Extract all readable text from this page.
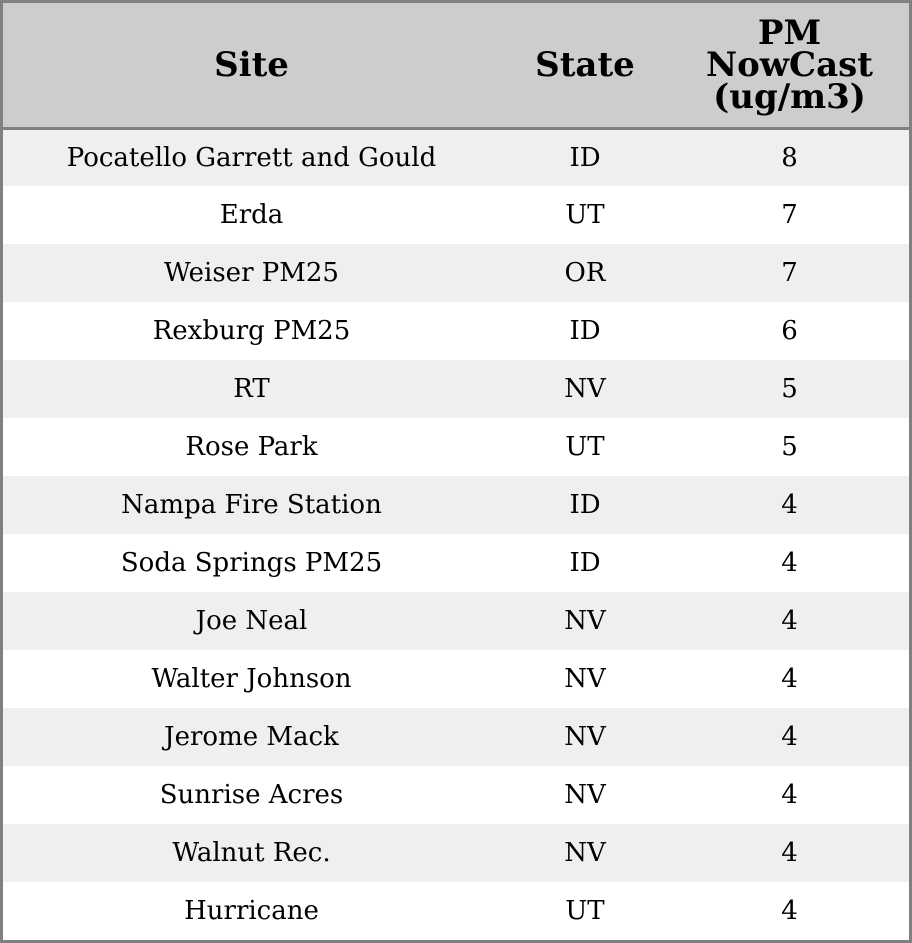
Site	State	PM
NowCast
(ug/m3)

Pocatello Garrett and Gould	ID	8
Erda	UT	7
Weiser PM25	OR	7
Rexburg PM25	ID	6
RT	NV	5
Rose Park	UT	5
Nampa Fire Station	ID	4
Soda Springs PM25	ID	4
Joe Neal	NV	4
Walter Johnson	NV	4
Jerome Mack	NV	4
Sunrise Acres	NV	4
Walnut Rec.	NV	4
Hurricane	UT	4
